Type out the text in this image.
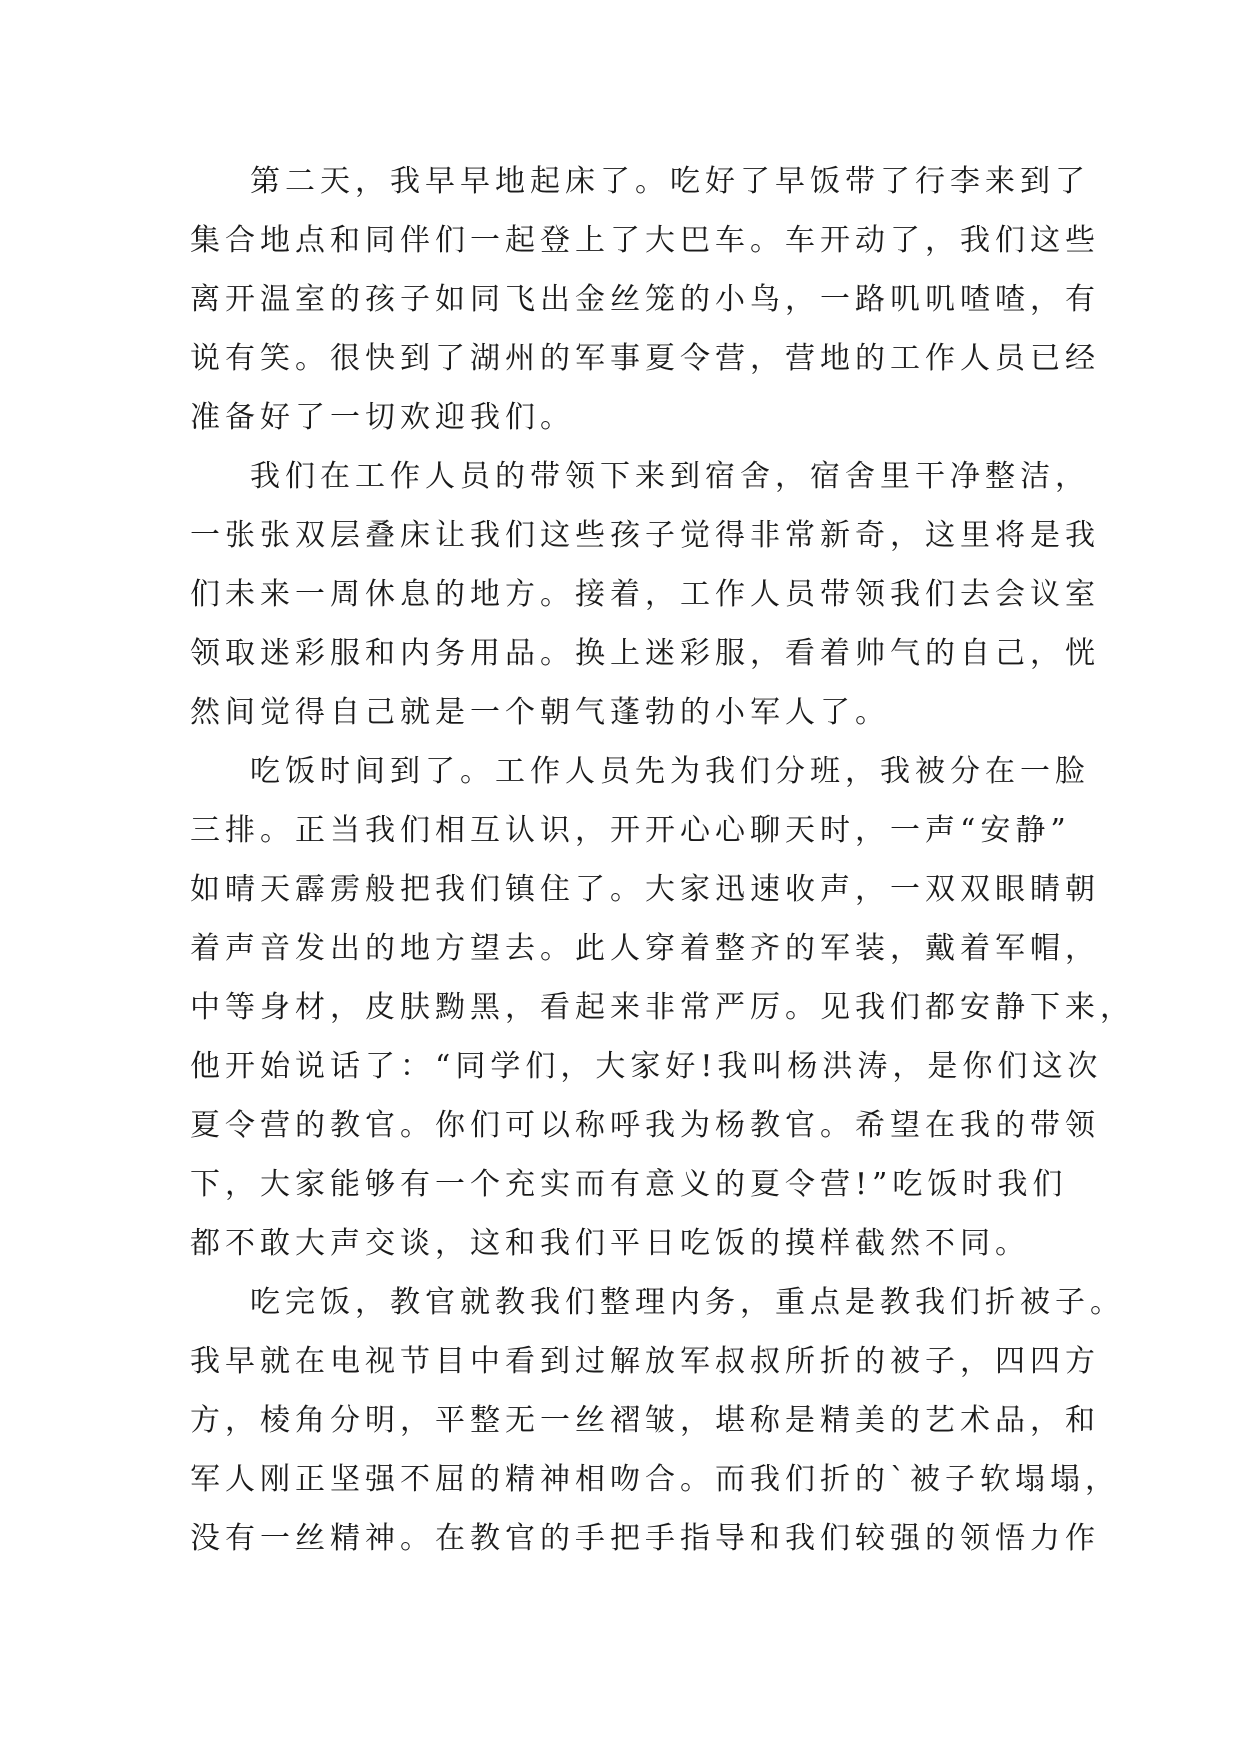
第二天，我早早地起床了。吃好了早饭带了行李来到了
集合地点和同伴们一起登上了大巴车。车开动了，我们这些
离开温室的孩子如同飞出金丝笼的小鸟，一路叽叽喳喳，有
说有笑。很快到了湖州的军事夏令营，营地的工作人员已经
准备好了一切欢迎我们。
我们在工作人员的带领下来到宿舍，宿舍里干净整洁，
一张张双层叠床让我们这些孩子觉得非常新奇，这里将是我
们未来一周休息的地方。接着，工作人员带领我们去会议室
领取迷彩服和内务用品。换上迷彩服，看着帅气的自己，恍
然间觉得自己就是一个朝气蓬勃的小军人了。
吃饭时间到了。工作人员先为我们分班，我被分在一脸
三排。正当我们相互认识，开开心心聊天时，一声“安静”
如晴天霹雳般把我们镇住了。大家迅速收声，一双双眼睛朝
着声音发出的地方望去。此人穿着整齐的军装，戴着军帽，
中等身材，皮肤黝黑，看起来非常严厉。见我们都安静下来，
他开始说话了：“同学们，大家好!我叫杨洪涛，是你们这次
夏令营的教官。你们可以称呼我为杨教官。希望在我的带领
下，大家能够有一个充实而有意义的夏令营!”吃饭时我们
都不敢大声交谈，这和我们平日吃饭的摸样截然不同。
吃完饭，教官就教我们整理内务，重点是教我们折被子。
我早就在电视节目中看到过解放军叔叔所折的被子，四四方
方，棱角分明，平整无一丝褶皱，堪称是精美的艺术品，和
军人刚正坚强不屈的精神相吻合。而我们折的`被子软塌塌，
没有一丝精神。在教官的手把手指导和我们较强的领悟力作
